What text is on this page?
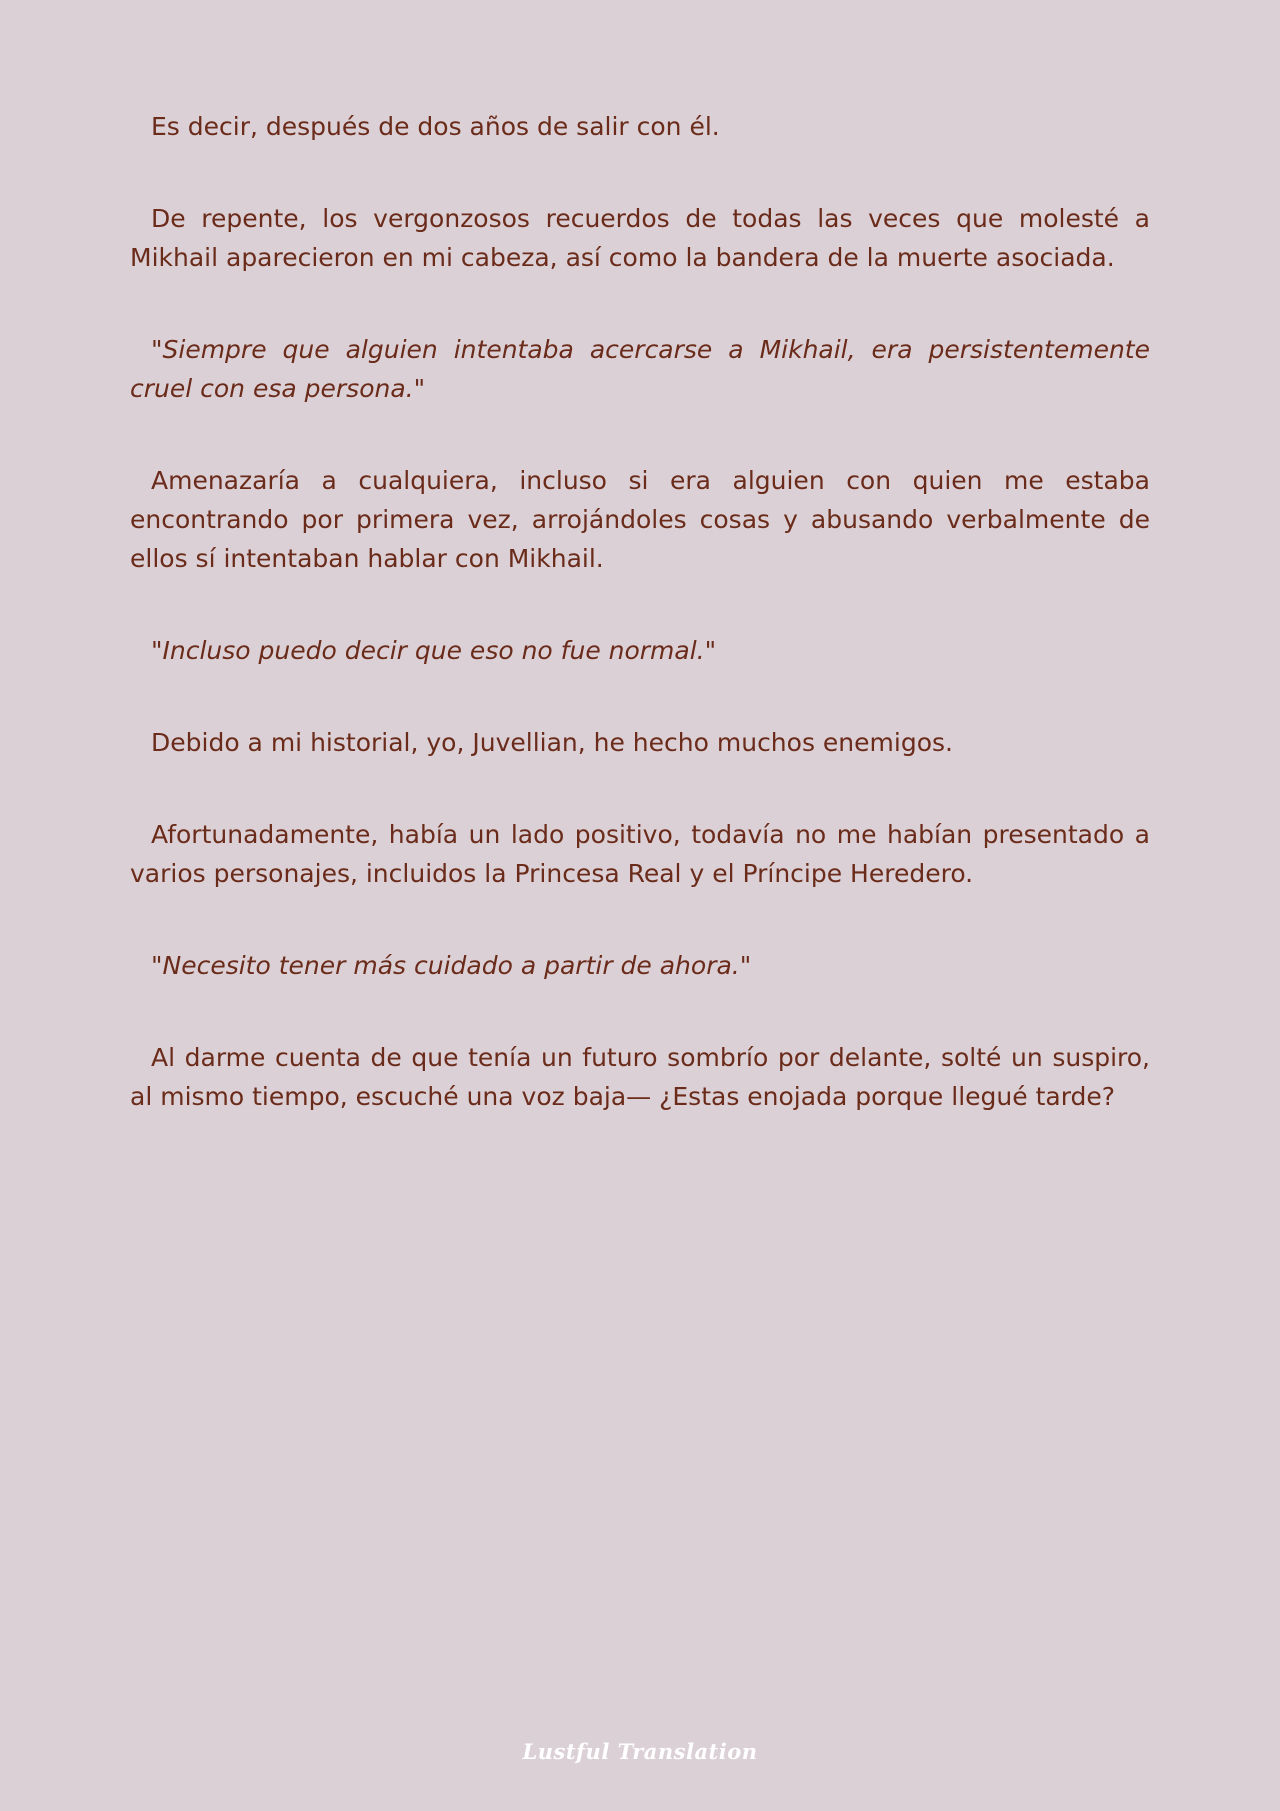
Es decir, después de dos años de salir con él.

De repente, los vergonzosos recuerdos de todas las veces que molesté a Mikhail aparecieron en mi cabeza, así como la bandera de la muerte asociada.

"Siempre que alguien intentaba acercarse a Mikhail, era persistentemente cruel con esa persona."

Amenazaría a cualquiera, incluso si era alguien con quien me estaba encontrando por primera vez, arrojándoles cosas y abusando verbalmente de ellos sí intentaban hablar con Mikhail.

"Incluso puedo decir que eso no fue normal."

Debido a mi historial, yo, Juvellian, he hecho muchos enemigos.

Afortunadamente, había un lado positivo, todavía no me habían presentado a varios personajes, incluidos la Princesa Real y el Príncipe Heredero.

"Necesito tener más cuidado a partir de ahora."

Al darme cuenta de que tenía un futuro sombrío por delante, solté un suspiro, al mismo tiempo, escuché una voz baja— ¿Estas enojada porque llegué tarde?

Lustful Translation
